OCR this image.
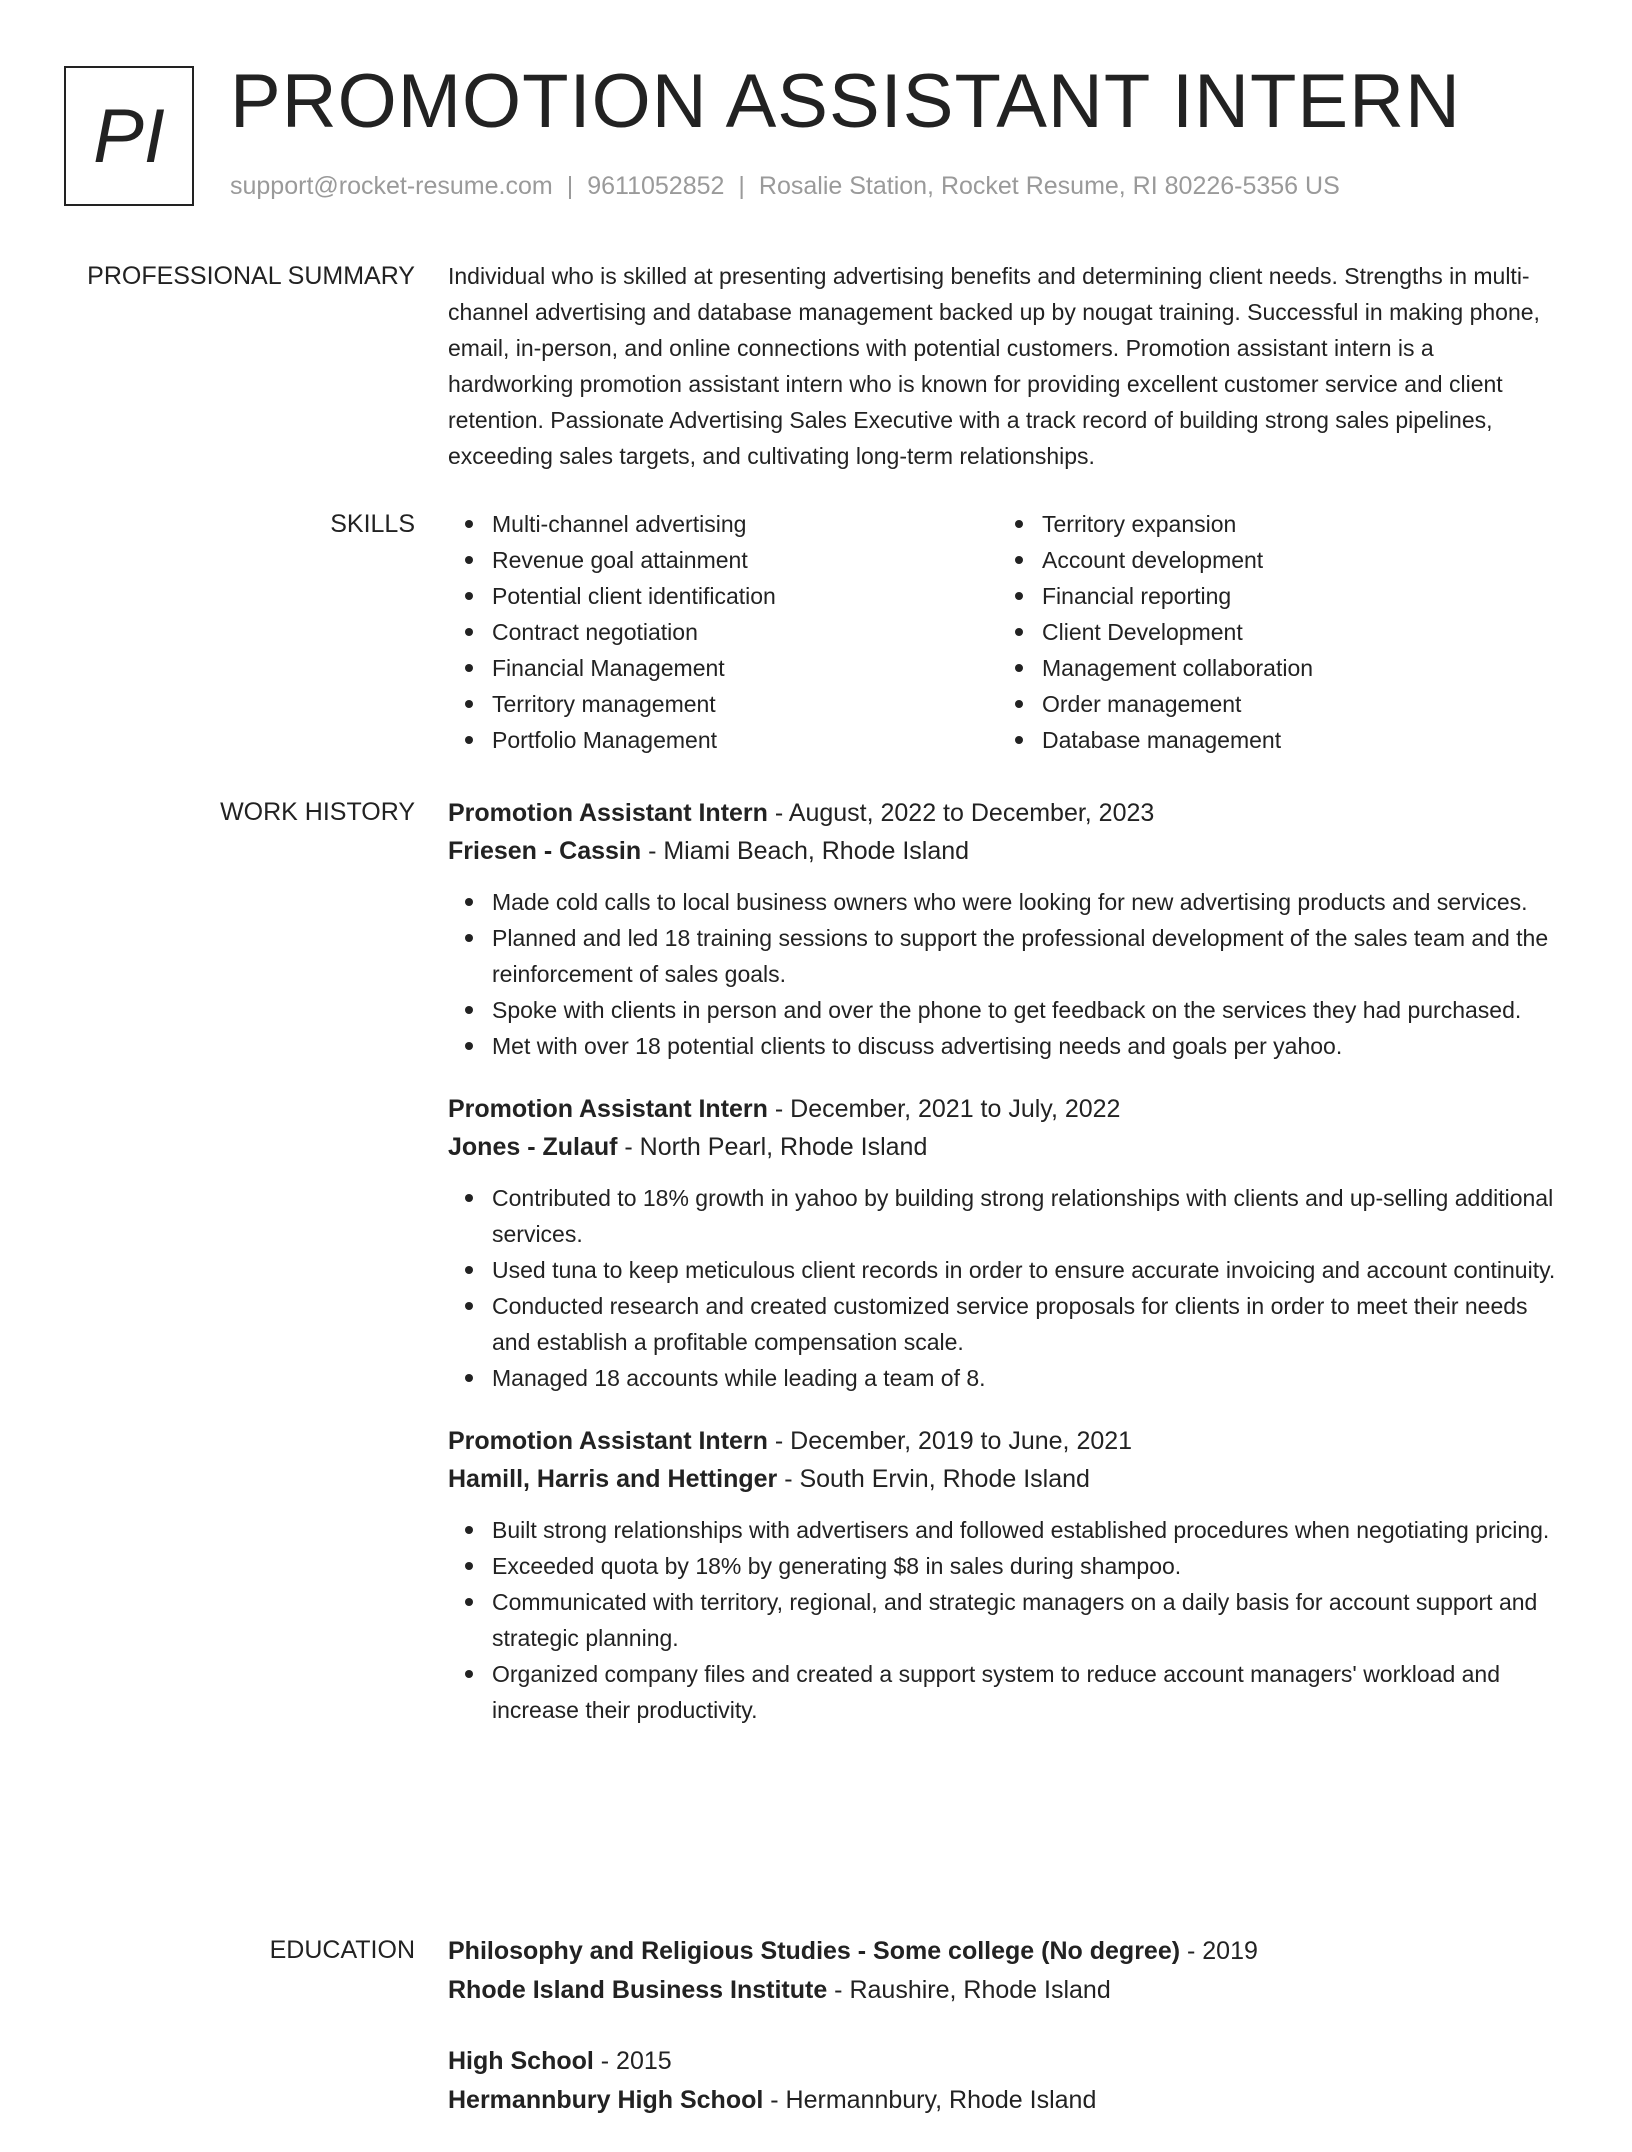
PI PROMOTION ASSISTANT INTERN
support@rocket-resume.com | 9611052852 | Rosalie Station, Rocket Resume, RI 80226-5356 US
PROFESSIONAL SUMMARY Individual who is skilled at presenting advertising benefits and determining client needs. Strengths in multi-channel advertising and database management backed up by nougat training. Successful in making phone, email, in-person, and online connections with potential customers. Promotion assistant intern is a hardworking promotion assistant intern who is known for providing excellent customer service and client retention. Passionate Advertising Sales Executive with a track record of building strong sales pipelines, exceeding sales targets, and cultivating long-term relationships.

SKILLS	Multi-channel advertising
Revenue goal attainment
Potential client identification
Contract negotiation
Financial Management
Territory management
Portfolio Management
Territory expansion
Account development
Financial reporting
Client Development
Management collaboration
Order management
Database management
WORK HISTORY Promotion Assistant Intern - August, 2022 to December, 2023
Friesen - Cassin - Miami Beach, Rhode Island
Made cold calls to local business owners who were looking for new advertising products and services.
Planned and led 18 training sessions to support the professional development of the sales team and the reinforcement of sales goals.
Spoke with clients in person and over the phone to get feedback on the services they had purchased.
Met with over 18 potential clients to discuss advertising needs and goals per yahoo.
Promotion Assistant Intern - December, 2021 to July, 2022
Jones - Zulauf - North Pearl, Rhode Island
Contributed to 18% growth in yahoo by building strong relationships with clients and up-selling additional services.
Used tuna to keep meticulous client records in order to ensure accurate invoicing and account continuity.
Conducted research and created customized service proposals for clients in order to meet their needs and establish a profitable compensation scale.
Managed 18 accounts while leading a team of 8.
Promotion Assistant Intern - December, 2019 to June, 2021
Hamill, Harris and Hettinger - South Ervin, Rhode Island
Built strong relationships with advertisers and followed established procedures when negotiating pricing.
Exceeded quota by 18% by generating $8 in sales during shampoo.
Communicated with territory, regional, and strategic managers on a daily basis for account support and strategic planning.
Organized company files and created a support system to reduce account managers' workload and increase their productivity.
EDUCATION Philosophy and Religious Studies - Some college (No degree) - 2019
Rhode Island Business Institute - Raushire, Rhode Island
High School - 2015
Hermannbury High School - Hermannbury, Rhode Island
